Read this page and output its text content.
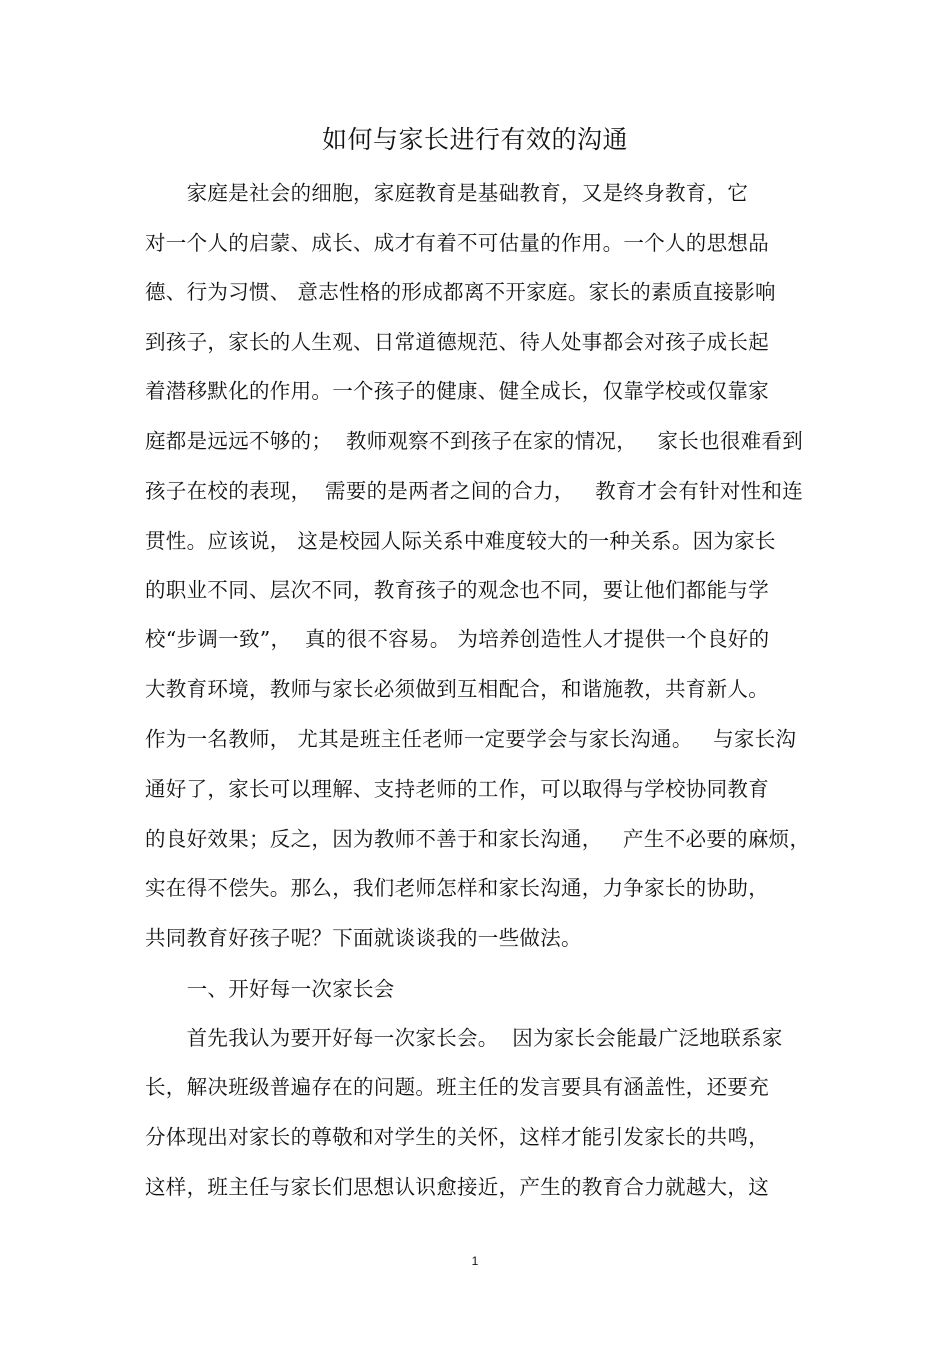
如何与家长进行有效的沟通
　　家庭是社会的细胞，家庭教育是基础教育，又是终身教育，它
对一个人的启蒙、成长、成才有着不可估量的作用。一个人的思想品
德、行为习惯、 意志性格的形成都离不开家庭。家长的素质直接影响
到孩子，家长的人生观、日常道德规范、待人处事都会对孩子成长起
着潜移默化的作用。一个孩子的健康、健全成长，仅靠学校或仅靠家
庭都是远远不够的；  教师观察不到孩子在家的情况，   家长也很难看到
孩子在校的表现，  需要的是两者之间的合力，   教育才会有针对性和连
贯性。应该说， 这是校园人际关系中难度较大的一种关系。因为家长
的职业不同、层次不同，教育孩子的观念也不同，要让他们都能与学
校“步调一致”，  真的很不容易。 为培养创造性人才提供一个良好的
大教育环境，教师与家长必须做到互相配合，和谐施教，共育新人。
作为一名教师， 尤其是班主任老师一定要学会与家长沟通。   与家长沟
通好了，家长可以理解、支持老师的工作，可以取得与学校协同教育
的良好效果；反之，因为教师不善于和家长沟通，   产生不必要的麻烦，
实在得不偿失。那么，我们老师怎样和家长沟通，力争家长的协助，
共同教育好孩子呢？下面就谈谈我的一些做法。
　　一、开好每一次家长会
　　首先我认为要开好每一次家长会。  因为家长会能最广泛地联系家
长，解决班级普遍存在的问题。班主任的发言要具有涵盖性，还要充
分体现出对家长的尊敬和对学生的关怀，这样才能引发家长的共鸣，
这样，班主任与家长们思想认识愈接近，产生的教育合力就越大，这
1
